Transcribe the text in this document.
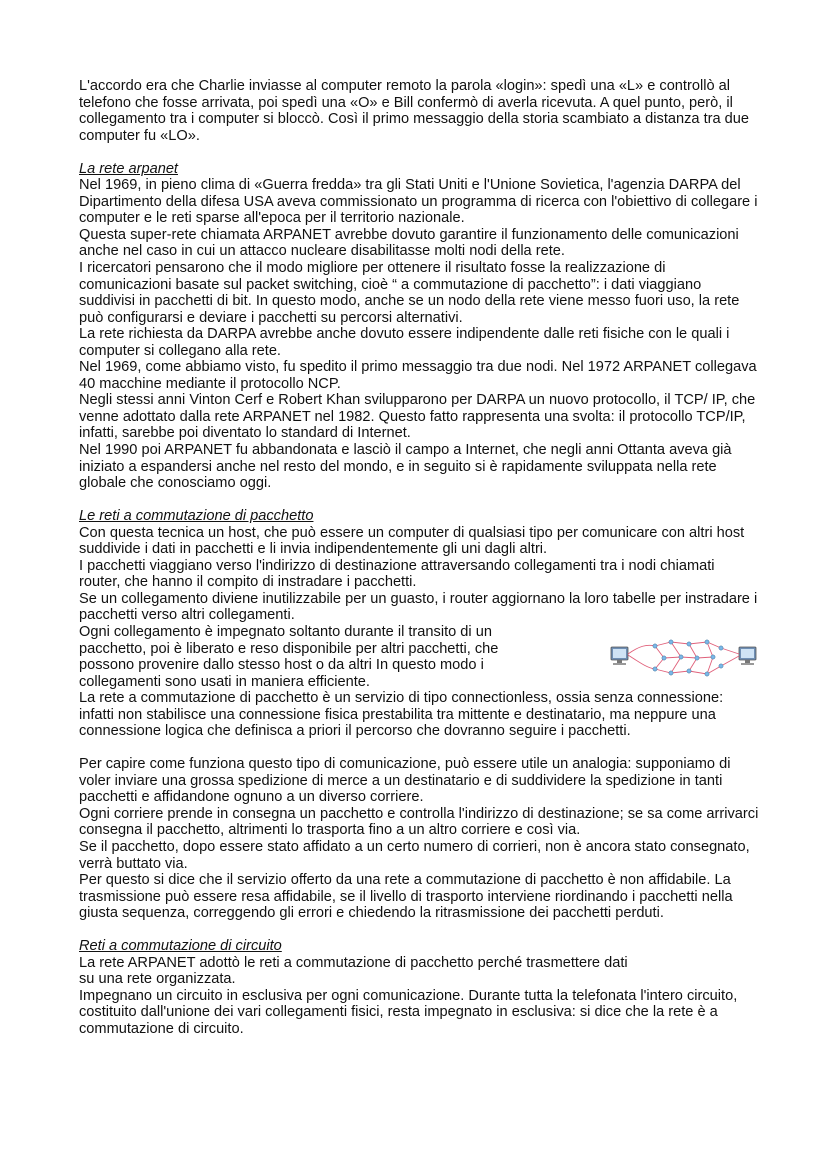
L'accordo era che Charlie inviasse al computer remoto la parola «login»: spedì una «L» e controllò al telefono che fosse arrivata, poi spedì una «O» e Bill confermò di averla ricevuta. A quel punto, però, il collegamento tra i computer si bloccò. Così il primo messaggio della storia scambiato a distanza tra due computer fu «LO».

La rete arpanet

Nel 1969, in pieno clima di «Guerra fredda» tra gli Stati Uniti e l'Unione Sovietica, l'agenzia DARPA del Dipartimento della difesa USA aveva commissionato un programma di ricerca con l'obiettivo di collegare i computer e le reti sparse all'epoca per il territorio nazionale.

Questa super-rete chiamata ARPANET avrebbe dovuto garantire il funzionamento delle comunicazioni anche nel caso in cui un attacco nucleare disabilitasse molti nodi della rete.

I ricercatori pensarono che il modo migliore per ottenere il risultato fosse la realizzazione di comunicazioni basate sul packet switching, cioè “ a commutazione di pacchetto”: i dati viaggiano suddivisi in pacchetti di bit. In questo modo, anche se un nodo della rete viene messo fuori uso, la rete può configurarsi e deviare i pacchetti su percorsi alternativi.

La rete richiesta da DARPA avrebbe anche dovuto essere indipendente dalle reti fisiche con le quali i computer si collegano alla rete.

Nel 1969, come abbiamo visto, fu spedito il primo messaggio tra due nodi. Nel 1972 ARPANET collegava 40 macchine mediante il protocollo NCP.

Negli stessi anni Vinton Cerf e Robert Khan svilupparono per DARPA un nuovo protocollo, il TCP/ IP, che venne adottato dalla rete ARPANET nel 1982. Questo fatto rappresenta una svolta: il protocollo TCP/IP, infatti, sarebbe poi diventato lo standard di Internet.

Nel 1990 poi ARPANET fu abbandonata e lasciò il campo a Internet, che negli anni Ottanta aveva già iniziato a espandersi anche nel resto del mondo, e in seguito si è rapidamente sviluppata nella rete globale che conosciamo oggi.

Le reti a commutazione di pacchetto

Con questa tecnica un host, che può essere un computer di qualsiasi tipo per comunicare con altri host suddivide i dati in pacchetti e li invia indipendentemente gli uni dagli altri.

I pacchetti viaggiano verso l'indirizzo di destinazione attraversando collegamenti tra i nodi chiamati router, che hanno il compito di instradare i pacchetti.

Se un collegamento diviene inutilizzabile per un guasto, i router aggiornano la loro tabelle per instradare i pacchetti verso altri collegamenti.

Ogni collegamento è impegnato soltanto durante il transito di un pacchetto, poi è liberato e reso disponibile per altri pacchetti, che possono provenire dallo stesso host o da altri In questo modo i collegamenti sono usati in maniera efficiente.

La rete a commutazione di pacchetto è un servizio di tipo connectionless, ossia senza connessione: infatti non stabilisce una connessione fisica prestabilita tra mittente e destinatario, ma neppure una connessione logica che definisca a priori il percorso che dovranno seguire i pacchetti.

Per capire come funziona questo tipo di comunicazione, può essere utile un analogia: supponiamo di voler inviare una grossa spedizione di merce a un destinatario e di suddividere la spedizione in tanti pacchetti e affidandone ognuno a un diverso corriere.

Ogni corriere prende in consegna un pacchetto e controlla l'indirizzo di destinazione; se sa come arrivarci consegna il pacchetto, altrimenti lo trasporta fino a un altro corriere e così via.

Se il pacchetto, dopo essere stato affidato a un certo numero di corrieri, non è ancora stato consegnato, verrà buttato via.

Per questo si dice che il servizio offerto da una rete a commutazione di pacchetto è non affidabile. La trasmissione può essere resa affidabile, se il livello di trasporto interviene riordinando i pacchetti nella giusta sequenza, correggendo gli errori e chiedendo la ritrasmissione dei pacchetti perduti.

Reti a commutazione di circuito

La rete ARPANET adottò le reti a commutazione di pacchetto perché trasmettere dati

su una rete organizzata.

Impegnano un circuito in esclusiva per ogni comunicazione. Durante tutta la telefonata l'intero circuito, costituito dall'unione dei vari collegamenti fisici, resta impegnato in esclusiva: si dice che la rete è a commutazione di circuito.
